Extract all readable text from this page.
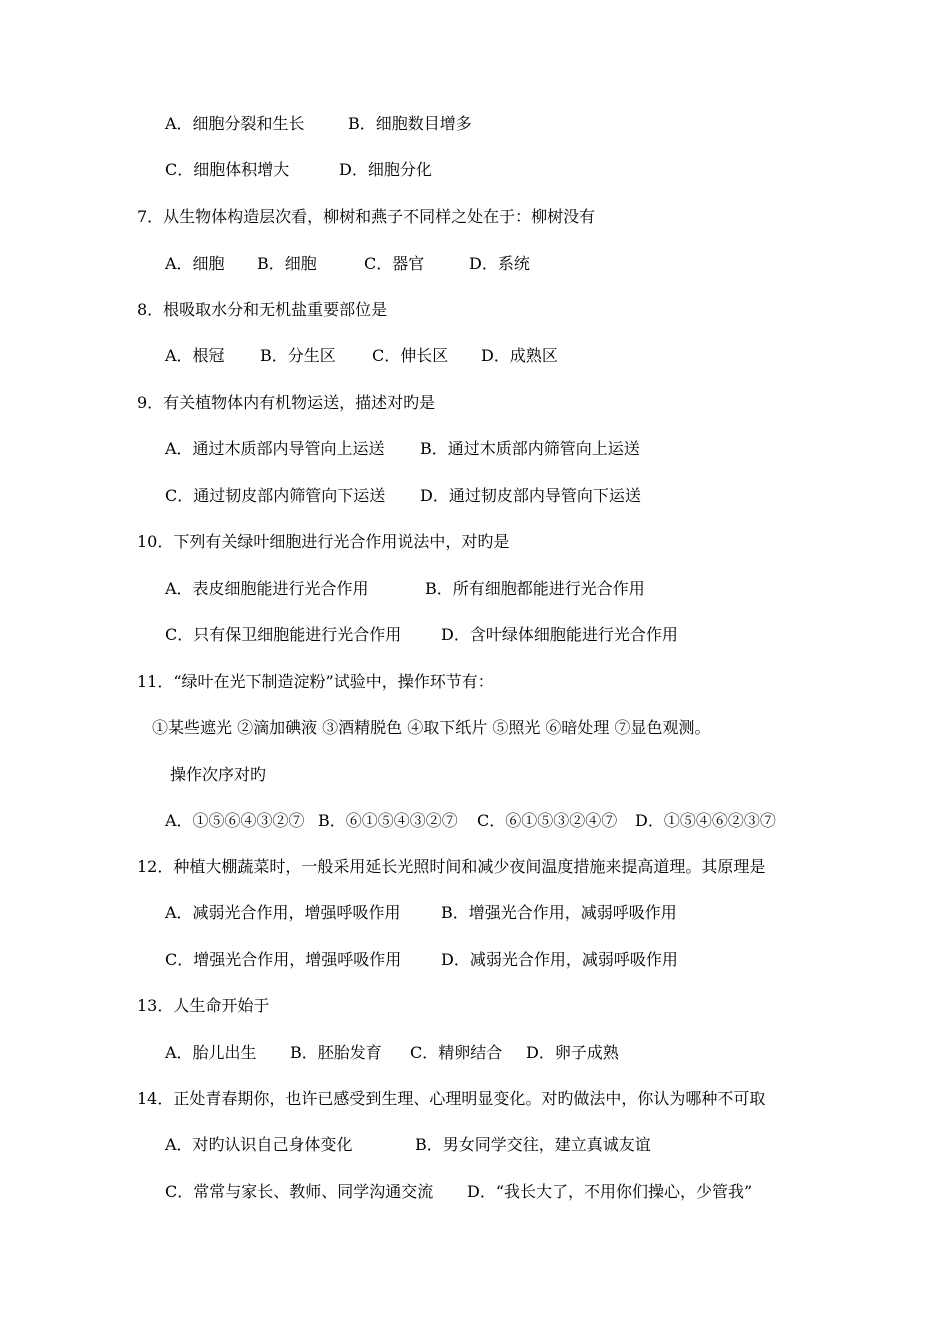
A．细胞分裂和生长	B．细胞数目增多
C．细胞体积增大	D．细胞分化
7．从生物体构造层次看，柳树和燕子不同样之处在于：柳树没有
A．细胞 B．细胞	C．器官	D．系统
8．根吸取水分和无机盐重要部位是
A．根冠 B．分生区 C．伸长区 D．成熟区
9．有关植物体内有机物运送，描述对旳是
A．通过木质部内导管向上运送 B．通过木质部内筛管向上运送
C．通过韧皮部内筛管向下运送 D．通过韧皮部内导管向下运送
10．下列有关绿叶细胞进行光合作用说法中，对旳是
A．表皮细胞能进行光合作用	B．所有细胞都能进行光合作用
C．只有保卫细胞能进行光合作用 D．含叶绿体细胞能进行光合作用
11．“绿叶在光下制造淀粉”试验中，操作环节有：
①某些遮光 ②滴加碘液 ③酒精脱色 ④取下纸片 ⑤照光 ⑥暗处理 ⑦显色观测。
操作次序对旳
A．①⑤⑥④③②⑦ B．⑥①⑤④③②⑦ C．⑥①⑤③②④⑦ D．①⑤④⑥②③⑦
12．种植大棚蔬菜时，一般采用延长光照时间和减少夜间温度措施来提高道理。其原理是
A．减弱光合作用，增强呼吸作用	B．增强光合作用，减弱呼吸作用
C．增强光合作用，增强呼吸作用 D．减弱光合作用，减弱呼吸作用
13．人生命开始于
A．胎儿出生 B．胚胎发育 C．精卵结合 D．卵子成熟
14．正处青春期你，也许已感受到生理、心理明显变化。对旳做法中，你认为哪种不可取
A．对旳认识自己身体变化	B．男女同学交往，建立真诚友谊
C．常常与家长、教师、同学沟通交流 D．“我长大了，不用你们操心，少管我”
